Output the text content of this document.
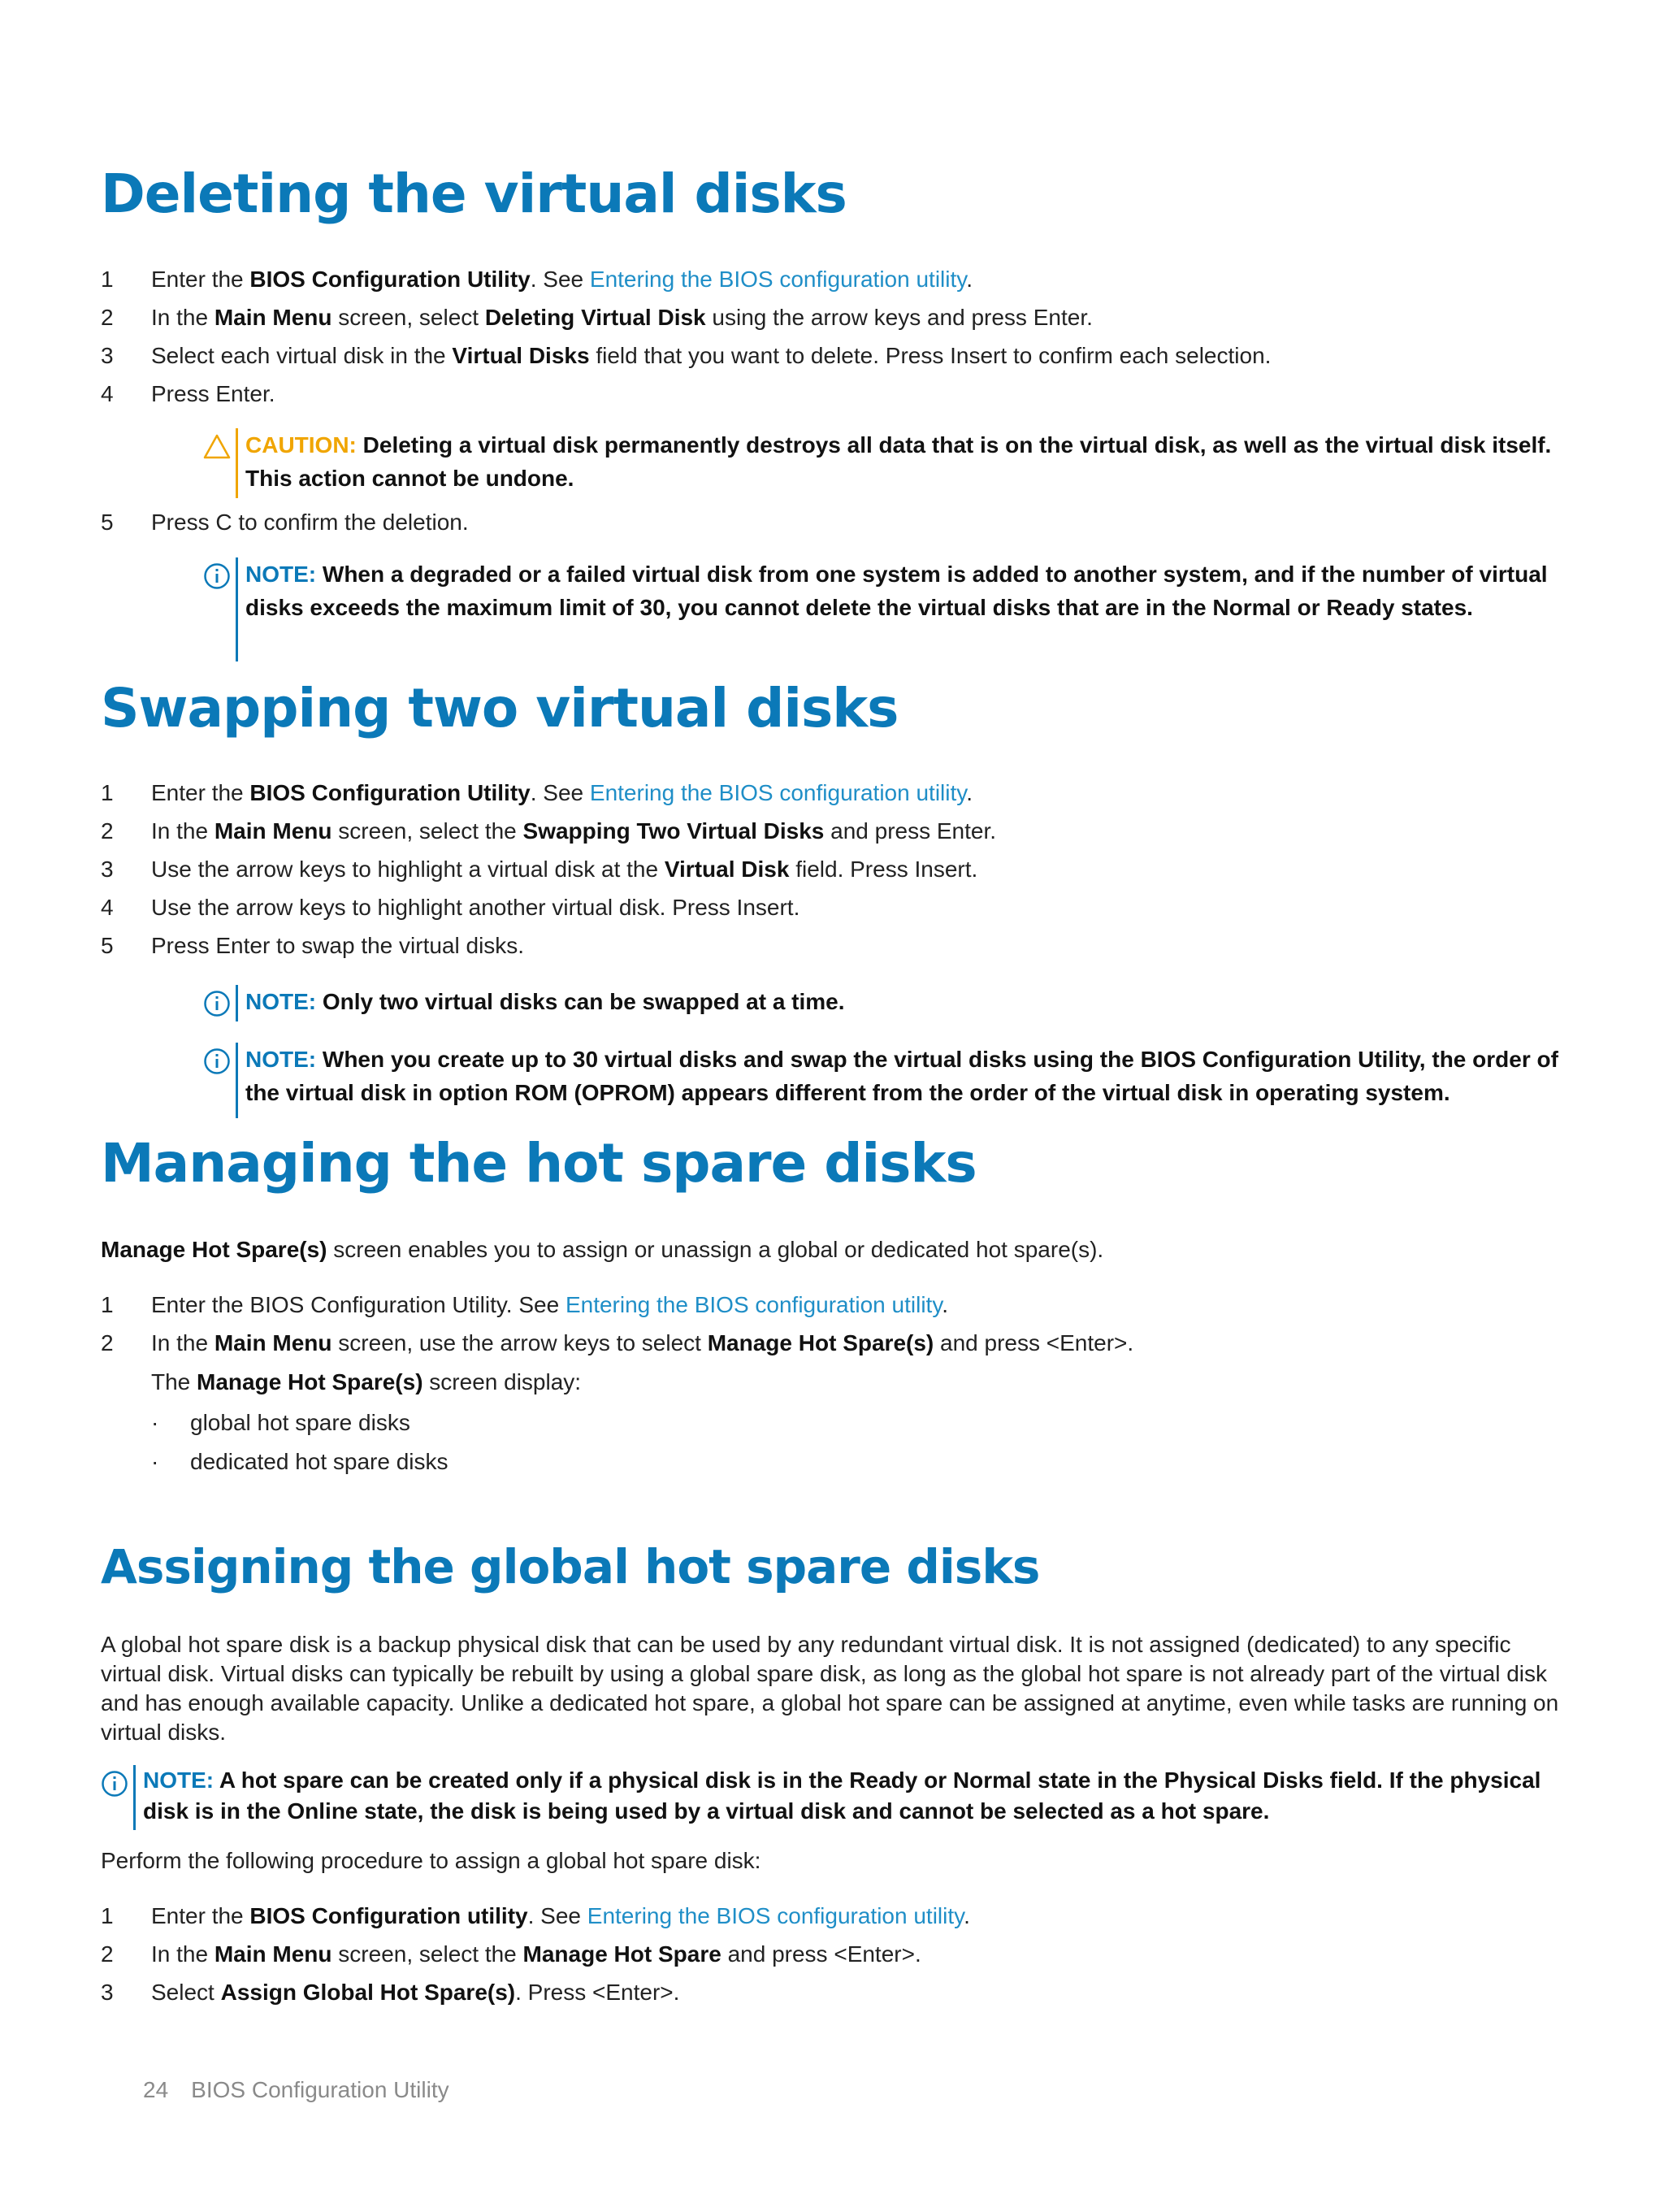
Deleting the virtual disks
1	Enter the BIOS Configuration Utility. See Entering the BIOS configuration utility.
2	In the Main Menu screen, select Deleting Virtual Disk using the arrow keys and press Enter.
3	Select each virtual disk in the Virtual Disks field that you want to delete. Press Insert to confirm each selection.
4	Press Enter.
CAUTION: Deleting a virtual disk permanently destroys all data that is on the virtual disk, as well as the virtual disk itself. This action cannot be undone.
5	Press C to confirm the deletion.
NOTE: When a degraded or a failed virtual disk from one system is added to another system, and if the number of virtual disks exceeds the maximum limit of 30, you cannot delete the virtual disks that are in the Normal or Ready states.
Swapping two virtual disks
1	Enter the BIOS Configuration Utility. See Entering the BIOS configuration utility.
2	In the Main Menu screen, select the Swapping Two Virtual Disks and press Enter.
3	Use the arrow keys to highlight a virtual disk at the Virtual Disk field. Press Insert.
4	Use the arrow keys to highlight another virtual disk. Press Insert.
5	Press Enter to swap the virtual disks.
NOTE: Only two virtual disks can be swapped at a time.
NOTE: When you create up to 30 virtual disks and swap the virtual disks using the BIOS Configuration Utility, the order of the virtual disk in option ROM (OPROM) appears different from the order of the virtual disk in operating system.
Managing the hot spare disks
Manage Hot Spare(s) screen enables you to assign or unassign a global or dedicated hot spare(s).
1	Enter the BIOS Configuration Utility. See Entering the BIOS configuration utility.
2	In the Main Menu screen, use the arrow keys to select Manage Hot Spare(s) and press <Enter>.
The Manage Hot Spare(s) screen display:
· global hot spare disks
· dedicated hot spare disks
Assigning the global hot spare disks
A global hot spare disk is a backup physical disk that can be used by any redundant virtual disk. It is not assigned (dedicated) to any specific virtual disk. Virtual disks can typically be rebuilt by using a global spare disk, as long as the global hot spare is not already part of the virtual disk and has enough available capacity. Unlike a dedicated hot spare, a global hot spare can be assigned at anytime, even while tasks are running on virtual disks.
NOTE: A hot spare can be created only if a physical disk is in the Ready or Normal state in the Physical Disks field. If the physical disk is in the Online state, the disk is being used by a virtual disk and cannot be selected as a hot spare.
Perform the following procedure to assign a global hot spare disk:
1	Enter the BIOS Configuration utility. See Entering the BIOS configuration utility.
2	In the Main Menu screen, select the Manage Hot Spare and press <Enter>.
3	Select Assign Global Hot Spare(s). Press <Enter>.
24 BIOS Configuration Utility
